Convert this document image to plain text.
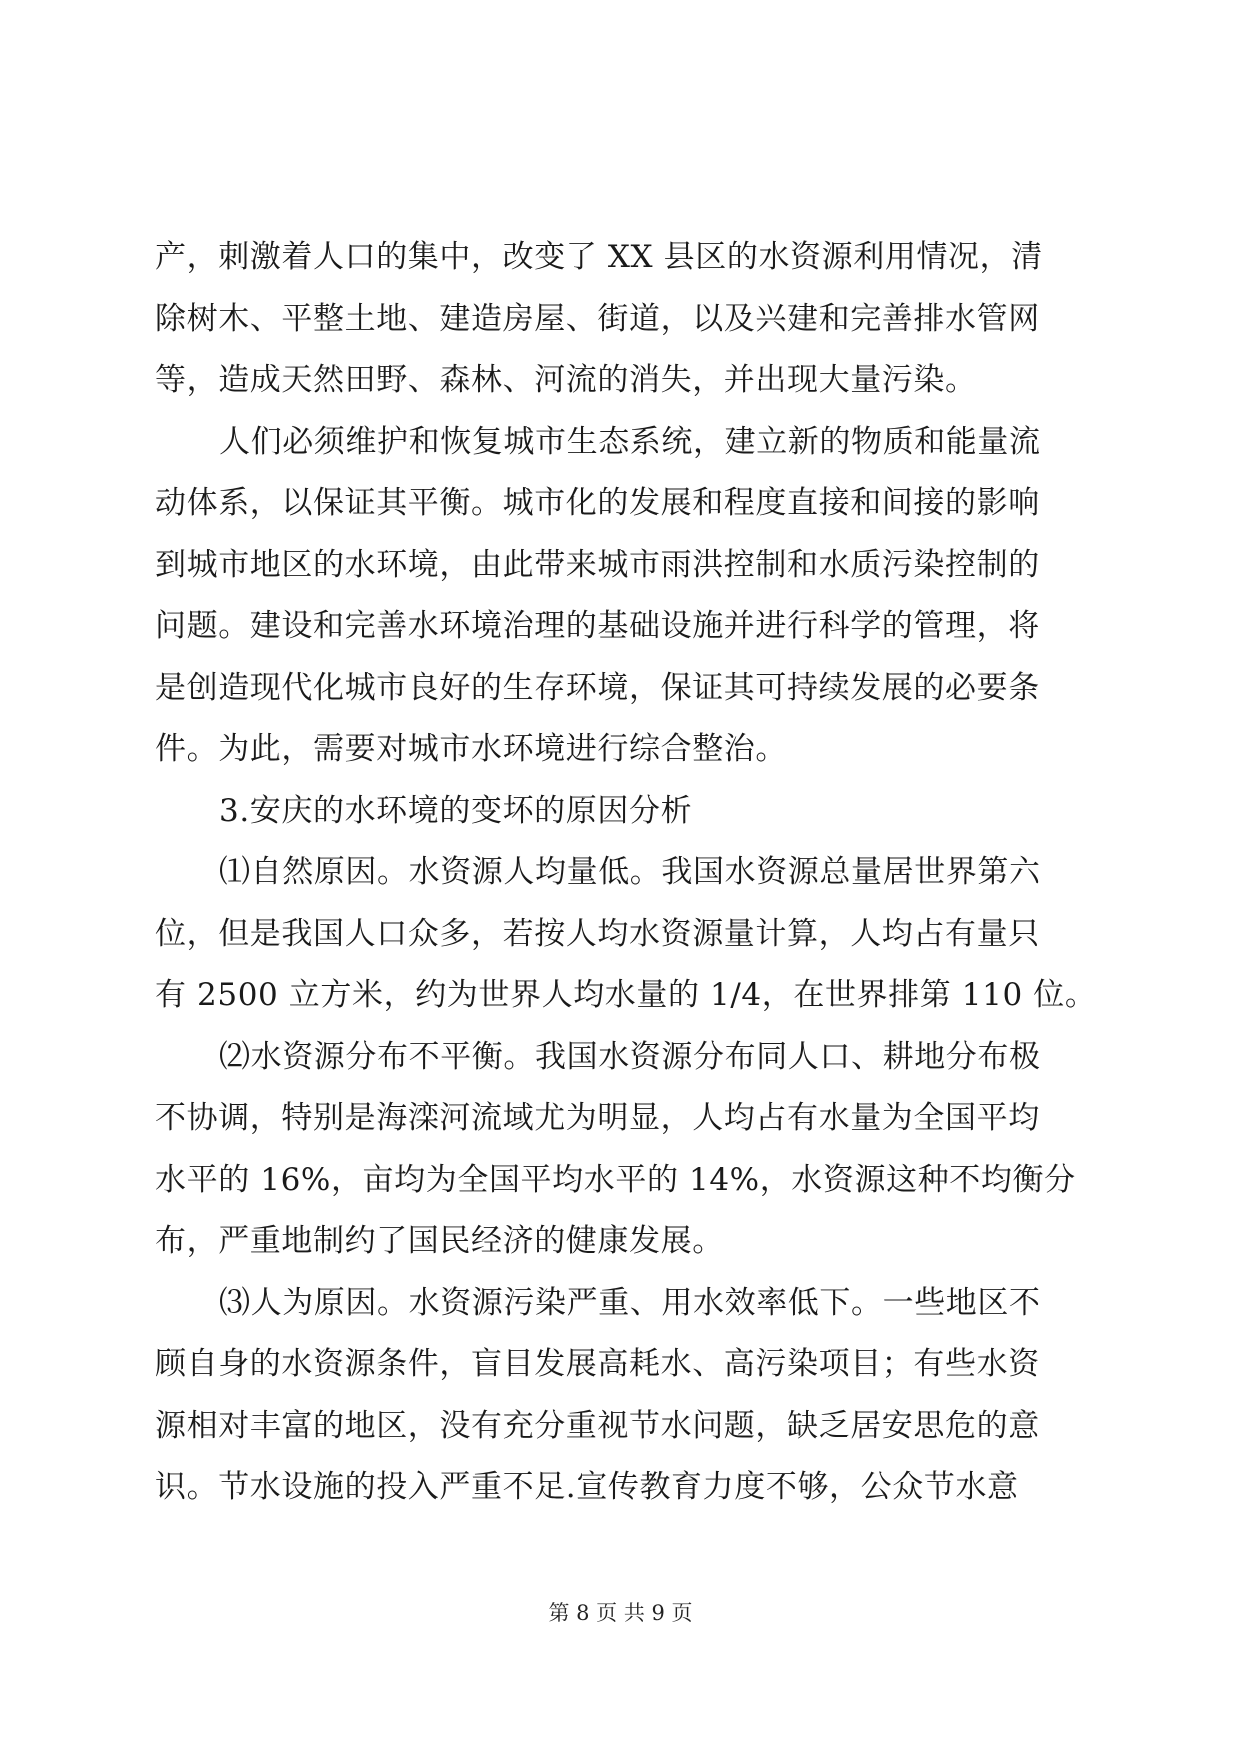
产，刺激着人口的集中，改变了 XX 县区的水资源利用情况，清
除树木、平整土地、建造房屋、街道，以及兴建和完善排水管网
等，造成天然田野、森林、河流的消失，并出现大量污染。
人们必须维护和恢复城市生态系统，建立新的物质和能量流
动体系，以保证其平衡。城市化的发展和程度直接和间接的影响
到城市地区的水环境，由此带来城市雨洪控制和水质污染控制的
问题。建设和完善水环境治理的基础设施并进行科学的管理，将
是创造现代化城市良好的生存环境，保证其可持续发展的必要条
件。为此，需要对城市水环境进行综合整治。
3.安庆的水环境的变坏的原因分析
⑴自然原因。水资源人均量低。我国水资源总量居世界第六
位，但是我国人口众多，若按人均水资源量计算，人均占有量只
有 2500 立方米，约为世界人均水量的 1/4，在世界排第 110 位。
⑵水资源分布不平衡。我国水资源分布同人口、耕地分布极
不协调，特别是海滦河流域尤为明显，人均占有水量为全国平均
水平的 16%，亩均为全国平均水平的 14%，水资源这种不均衡分
布，严重地制约了国民经济的健康发展。
⑶人为原因。水资源污染严重、用水效率低下。一些地区不
顾自身的水资源条件，盲目发展高耗水、高污染项目；有些水资
源相对丰富的地区，没有充分重视节水问题，缺乏居安思危的意
识。节水设施的投入严重不足.宣传教育力度不够，公众节水意
第 8 页 共 9 页
